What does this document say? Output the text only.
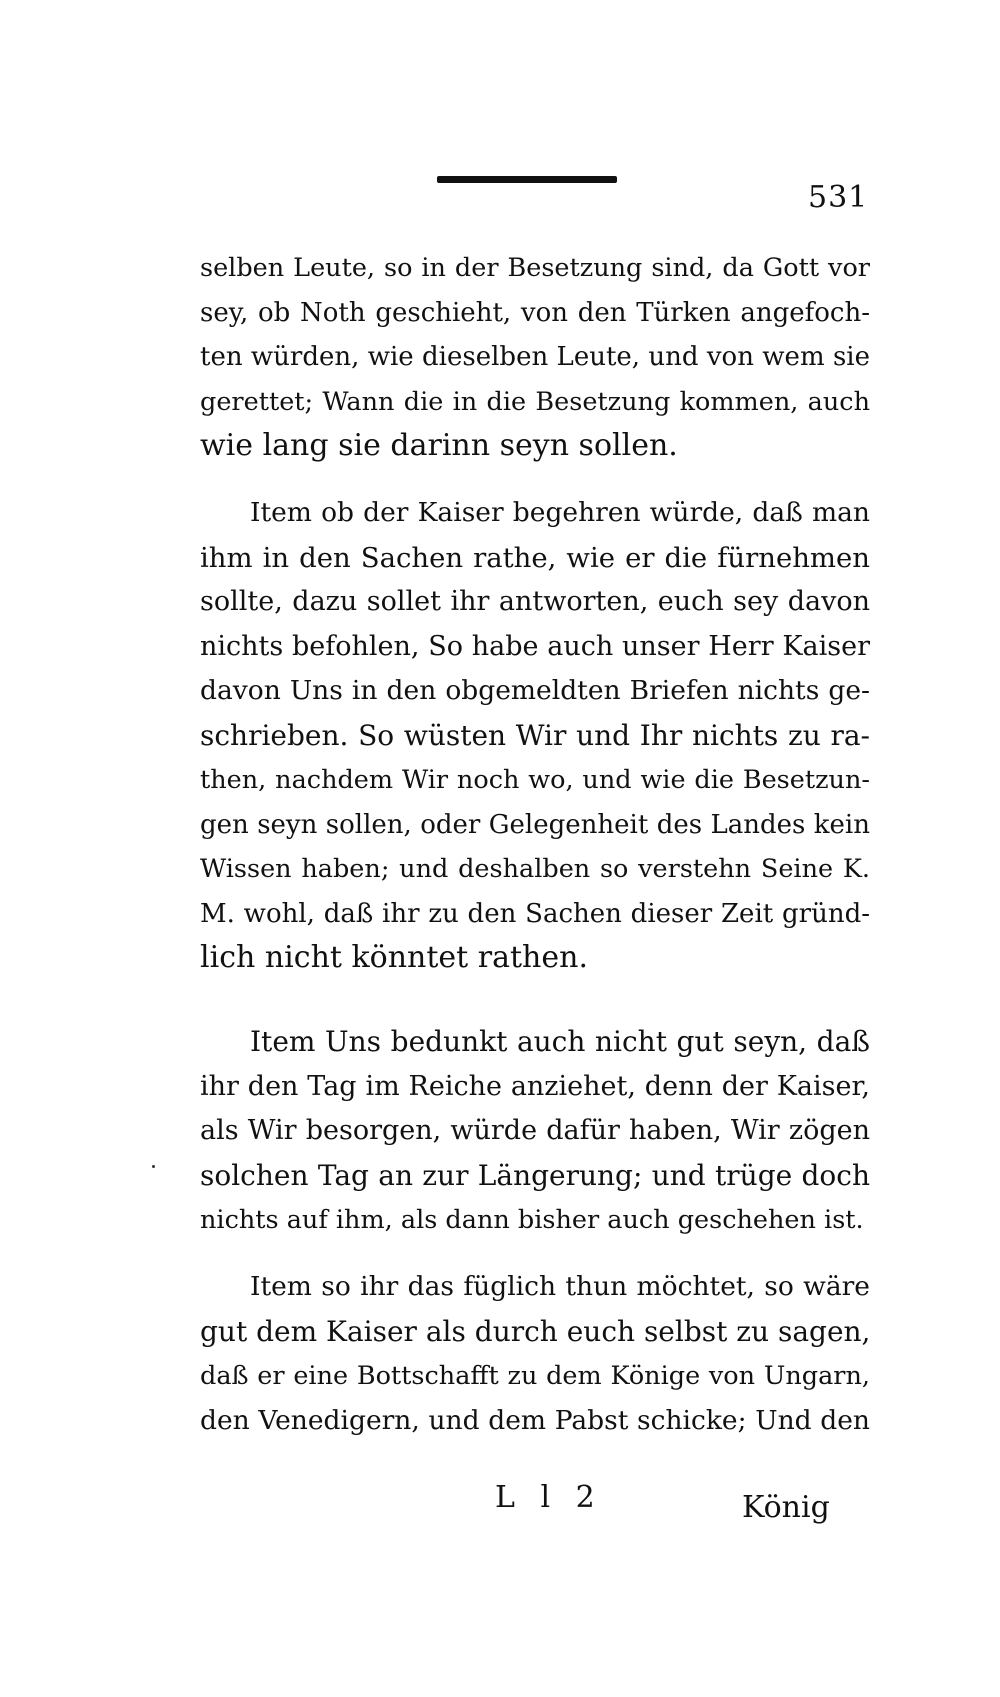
531
selben Leute, so in der Besetzung sind, da Gott vor
sey, ob Noth geschieht, von den Türken angefoch-
ten würden, wie dieselben Leute, und von wem sie
gerettet; Wann die in die Besetzung kommen, auch
wie lang sie darinn seyn sollen.
Item ob der Kaiser begehren würde, daß man
ihm in den Sachen rathe, wie er die fürnehmen
sollte, dazu sollet ihr antworten, euch sey davon
nichts befohlen, So habe auch unser Herr Kaiser
davon Uns in den obgemeldten Briefen nichts ge-
schrieben. So wüsten Wir und Ihr nichts zu ra-
then, nachdem Wir noch wo, und wie die Besetzun-
gen seyn sollen, oder Gelegenheit des Landes kein
Wissen haben; und deshalben so verstehn Seine K.
M. wohl, daß ihr zu den Sachen dieser Zeit gründ-
lich nicht könntet rathen.
Item Uns bedunkt auch nicht gut seyn, daß
ihr den Tag im Reiche anziehet, denn der Kaiser,
als Wir besorgen, würde dafür haben, Wir zögen
solchen Tag an zur Längerung; und trüge doch
nichts auf ihm, als dann bisher auch geschehen ist.
Item so ihr das füglich thun möchtet, so wäre
gut dem Kaiser als durch euch selbst zu sagen,
daß er eine Bottschafft zu dem Könige von Ungarn,
den Venedigern, und dem Pabst schicke; Und den
L l 2	König
